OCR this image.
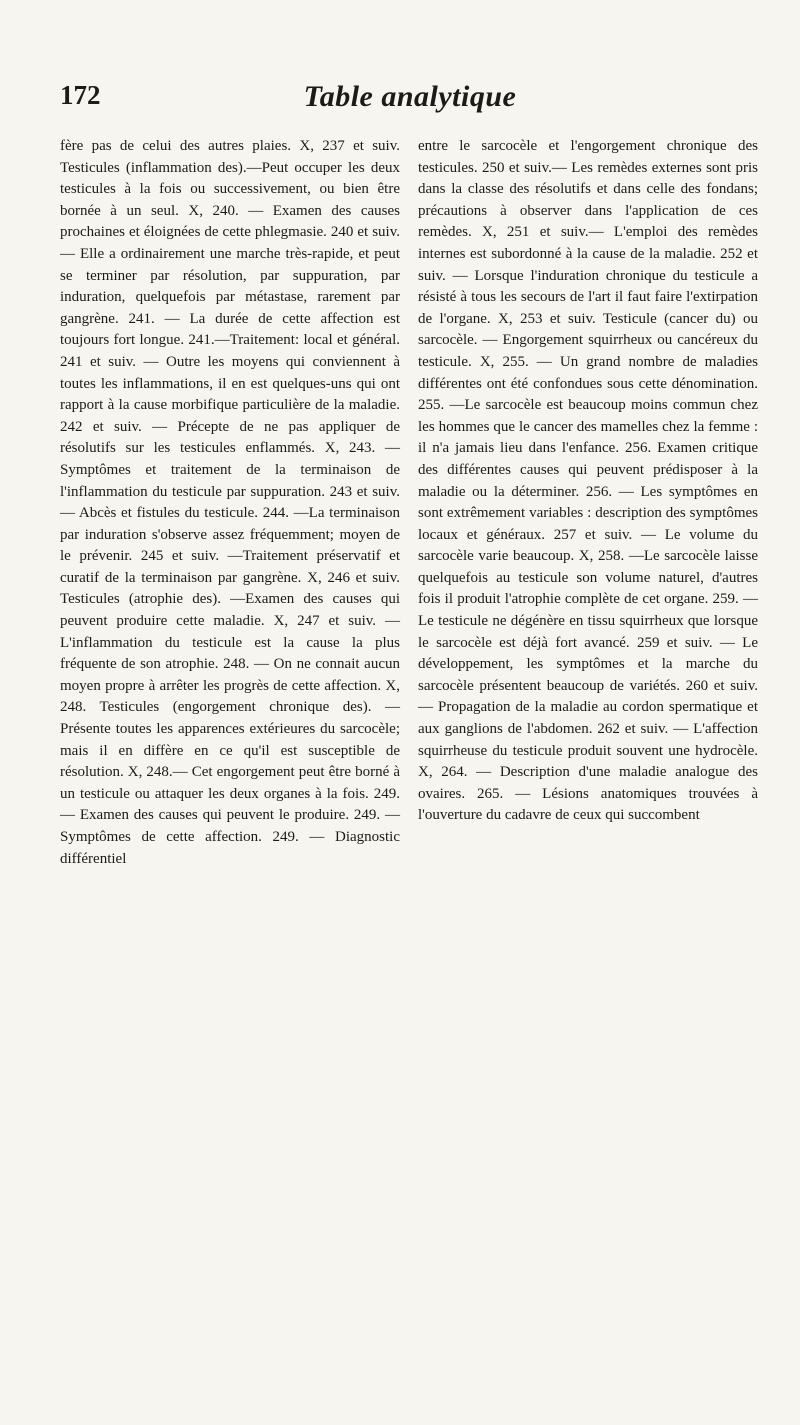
172	Table analytique

fère pas de celui des autres plaies. X, 237 et suiv. Testicules (inflammation des).—Peut occuper les deux testicules à la fois ou successivement, ou bien être bornée à un seul. X, 240. — Examen des causes prochaines et éloignées de cette phlegmasie. 240 et suiv. — Elle a ordinairement une marche très-rapide, et peut se terminer par résolution, par suppuration, par induration, quelquefois par métastase, rarement par gangrène. 241. — La durée de cette affection est toujours fort longue. 241.—Traitement: local et général. 241 et suiv. — Outre les moyens qui conviennent à toutes les inflammations, il en est quelques-uns qui ont rapport à la cause morbifique particulière de la maladie. 242 et suiv. — Précepte de ne pas appliquer de résolutifs sur les testicules enflammés. X, 243. —Symptômes et traitement de la terminaison de l'inflammation du testicule par suppuration. 243 et suiv. — Abcès et fistules du testicule. 244. —La terminaison par induration s'observe assez fréquemment; moyen de le prévenir. 245 et suiv. —Traitement préservatif et curatif de la terminaison par gangrène. X, 246 et suiv. Testicules (atrophie des). —Examen des causes qui peuvent produire cette maladie. X, 247 et suiv. — L'inflammation du testicule est la cause la plus fréquente de son atrophie. 248. — On ne connait aucun moyen propre à arrêter les progrès de cette affection. X, 248. Testicules (engorgement chronique des). — Présente toutes les apparences extérieures du sarcocèle; mais il en diffère en ce qu'il est susceptible de résolution. X, 248.— Cet engorgement peut être borné à un testicule ou attaquer les deux organes à la fois. 249. — Examen des causes qui peuvent le produire. 249. — Symptômes de cette affection. 249. — Diagnostic différentiel

entre le sarcocèle et l'engorgement chronique des testicules. 250 et suiv.— Les remèdes externes sont pris dans la classe des résolutifs et dans celle des fondans; précautions à observer dans l'application de ces remèdes. X, 251 et suiv.— L'emploi des remèdes internes est subordonné à la cause de la maladie. 252 et suiv. — Lorsque l'induration chronique du testicule a résisté à tous les secours de l'art il faut faire l'extirpation de l'organe. X, 253 et suiv. Testicule (cancer du) ou sarcocèle. — Engorgement squirrheux ou cancéreux du testicule. X, 255. — Un grand nombre de maladies différentes ont été confondues sous cette dénomination. 255. —Le sarcocèle est beaucoup moins commun chez les hommes que le cancer des mamelles chez la femme : il n'a jamais lieu dans l'enfance. 256. Examen critique des différentes causes qui peuvent prédisposer à la maladie ou la déterminer. 256. — Les symptômes en sont extrêmement variables : description des symptômes locaux et généraux. 257 et suiv. — Le volume du sarcocèle varie beaucoup. X, 258. —Le sarcocèle laisse quelquefois au testicule son volume naturel, d'autres fois il produit l'atrophie complète de cet organe. 259. — Le testicule ne dégénère en tissu squirrheux que lorsque le sarcocèle est déjà fort avancé. 259 et suiv. — Le développement, les symptômes et la marche du sarcocèle présentent beaucoup de variétés. 260 et suiv. — Propagation de la maladie au cordon spermatique et aux ganglions de l'abdomen. 262 et suiv. — L'affection squirrheuse du testicule produit souvent une hydrocèle. X, 264. — Description d'une maladie analogue des ovaires. 265. — Lésions anatomiques trouvées à l'ouverture du cadavre de ceux qui succombent
